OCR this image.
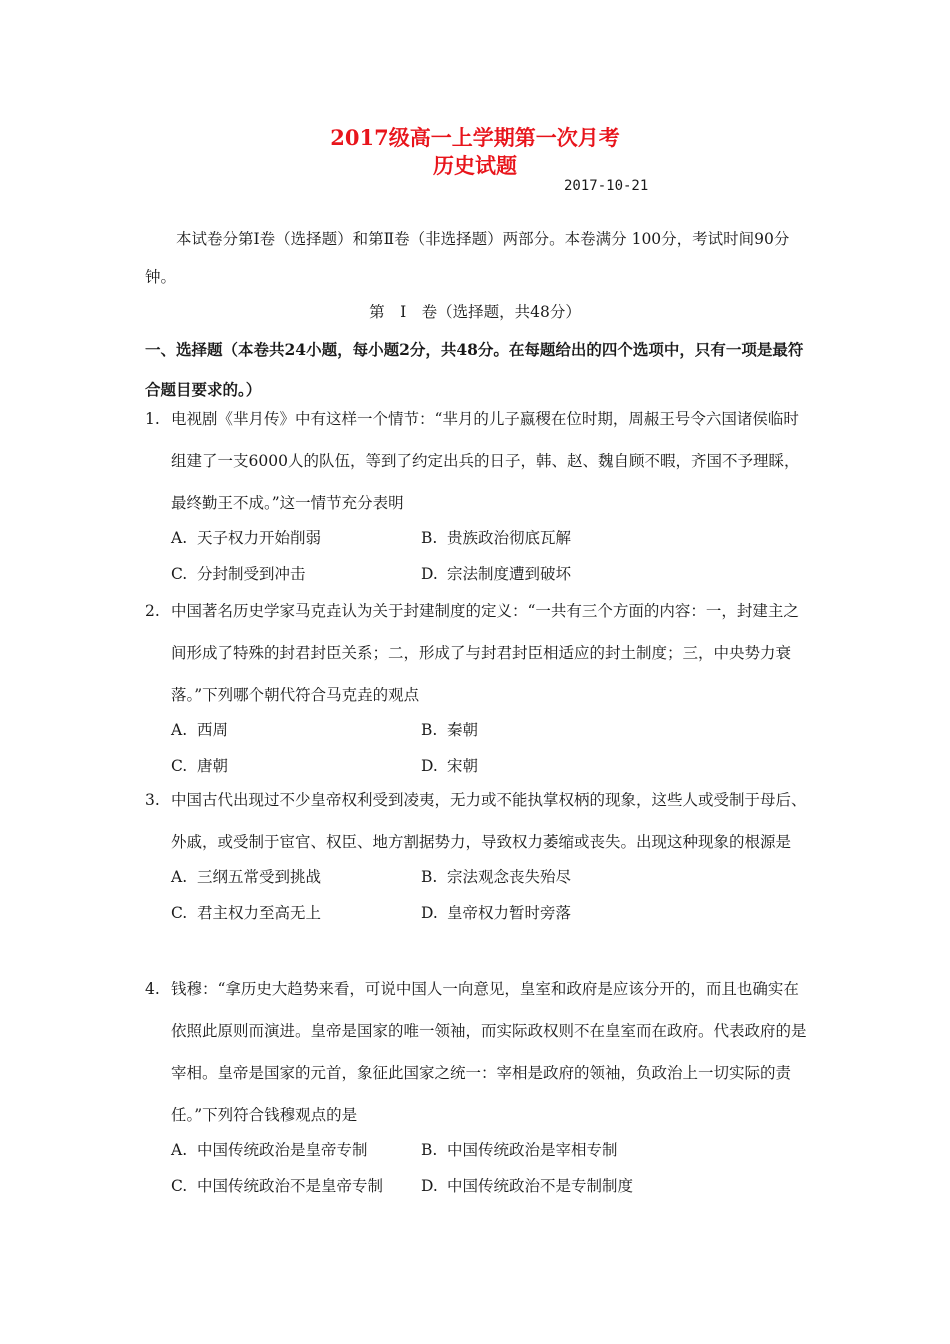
2017级高一上学期第一次月考
历史试题
2017-10-21
本试卷分第Ⅰ卷（选择题）和第Ⅱ卷（非选择题）两部分。本卷满分 100分，考试时间90分钟。
第　Ⅰ　卷（选择题，共48分）
一、选择题（本卷共24小题，每小题2分，共48分。在每题给出的四个选项中，只有一项是最符合题目要求的。）
1. 电视剧《芈月传》中有这样一个情节：“芈月的儿子嬴稷在位时期，周赧王号令六国诸侯临时组建了一支6000人的队伍，等到了约定出兵的日子，韩、赵、魏自顾不暇，齐国不予理睬，最终勤王不成。”这一情节充分表明
A. 天子权力开始削弱	B. 贵族政治彻底瓦解
C. 分封制受到冲击	D. 宗法制度遭到破坏
2. 中国著名历史学家马克垚认为关于封建制度的定义：“一共有三个方面的内容：一，封建主之间形成了特殊的封君封臣关系；二，形成了与封君封臣相适应的封土制度；三，中央势力衰落。”下列哪个朝代符合马克垚的观点
A. 西周	B. 秦朝
C. 唐朝	D. 宋朝
3. 中国古代出现过不少皇帝权利受到凌夷，无力或不能执掌权柄的现象，这些人或受制于母后、外戚，或受制于宦官、权臣、地方割据势力，导致权力萎缩或丧失。出现这种现象的根源是
A. 三纲五常受到挑战	B. 宗法观念丧失殆尽
C. 君主权力至高无上	D. 皇帝权力暂时旁落
4. 钱穆：“拿历史大趋势来看，可说中国人一向意见，皇室和政府是应该分开的，而且也确实在依照此原则而演进。皇帝是国家的唯一领袖，而实际政权则不在皇室而在政府。代表政府的是宰相。皇帝是国家的元首，象征此国家之统一：宰相是政府的领袖，负政治上一切实际的责任。”下列符合钱穆观点的是
A. 中国传统政治是皇帝专制	B. 中国传统政治是宰相专制
C. 中国传统政治不是皇帝专制	D. 中国传统政治不是专制制度
